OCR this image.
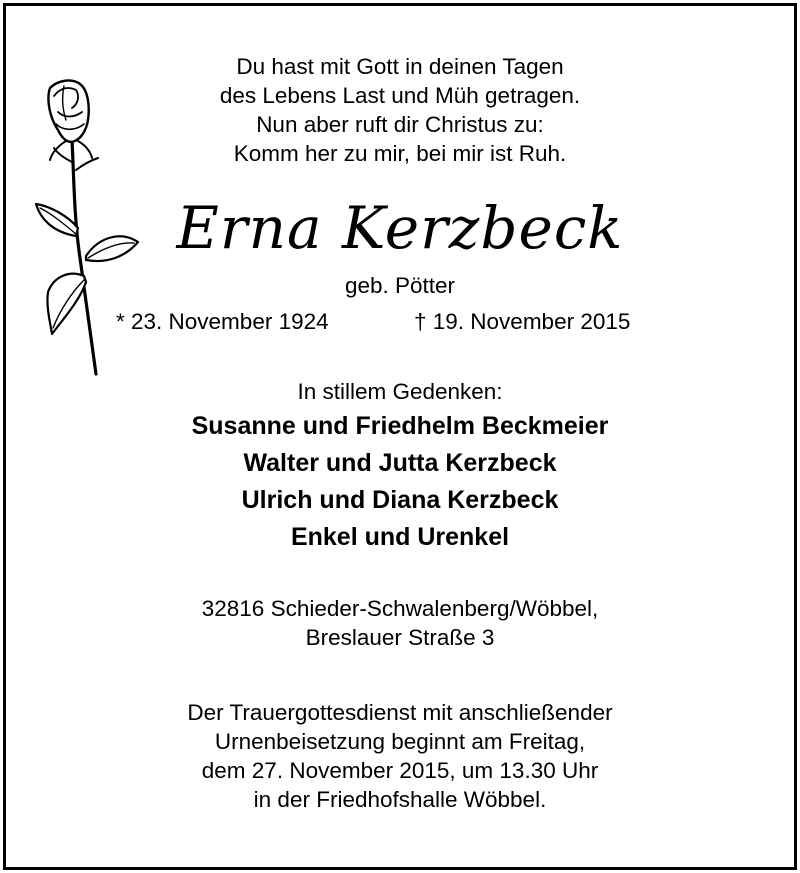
Du hast mit Gott in deinen Tagen
des Lebens Last und Müh getragen.
Nun aber ruft dir Christus zu:
Komm her zu mir, bei mir ist Ruh.
Erna Kerzbeck
geb. Pötter
* 23. November 1924	† 19. November 2015
In stillem Gedenken:
Susanne und Friedhelm Beckmeier
Walter und Jutta Kerzbeck
Ulrich und Diana Kerzbeck
Enkel und Urenkel
32816 Schieder-Schwalenberg/Wöbbel,
Breslauer Straße 3
Der Trauergottesdienst mit anschließender
Urnenbeisetzung beginnt am Freitag,
dem 27. November 2015, um 13.30 Uhr
in der Friedhofshalle Wöbbel.
